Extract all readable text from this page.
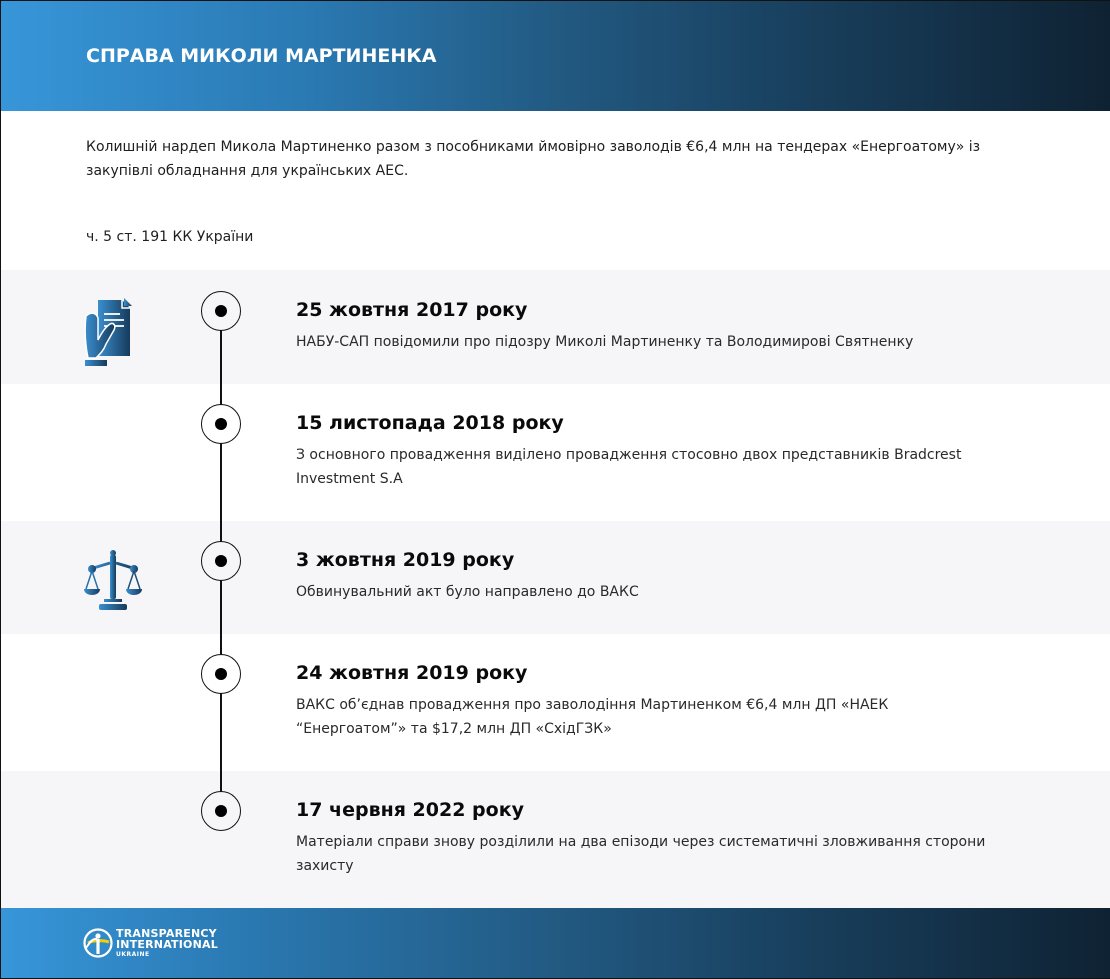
СПРАВА МИКОЛИ МАРТИНЕНКА
Колишній нардеп Микола Мартиненко разом з пособниками ймовірно заволодів €6,4 млн на тендерах «Енергоатому» із закупівлі обладнання для українських АЕС.
ч. 5 ст. 191 КК України
25 жовтня 2017 року
НАБУ-САП повідомили про підозру Миколі Мартиненку та Володимирові Святненку
15 листопада 2018 року
З основного провадження виділено провадження стосовно двох представників Bradcrest Investment S.A
3 жовтня 2019 року
Обвинувальний акт було направлено до ВАКС
24 жовтня 2019 року
ВАКС об’єднав провадження про заволодіння Мартиненком €6,4 млн ДП «НАЕК “Енергоатом”» та $17,2 млн ДП «СхідГЗК»
17 червня 2022 року
Матеріали справи знову розділили на два епізоди через систематичні зловживання сторони захисту
TRANSPARENCY
INTERNATIONAL
UKRAINE
